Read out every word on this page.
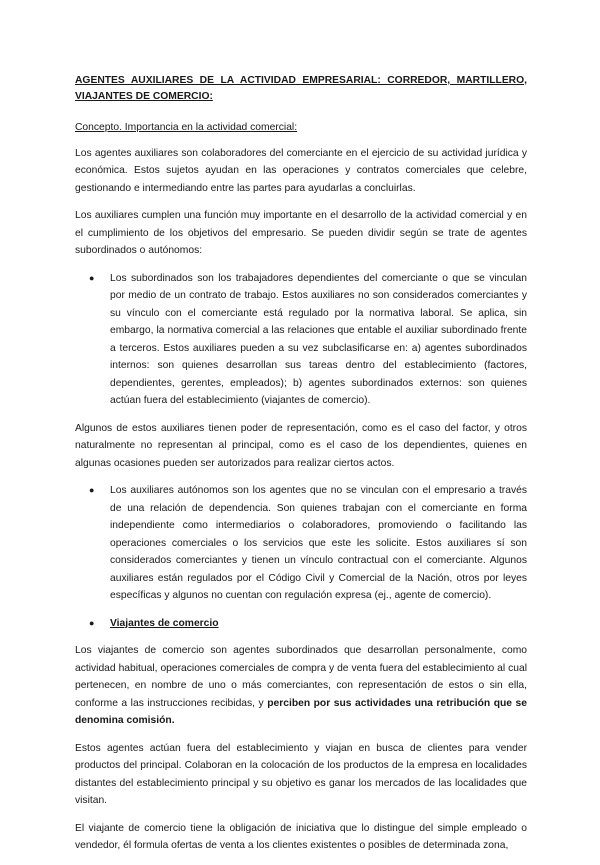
AGENTES AUXILIARES DE LA ACTIVIDAD EMPRESARIAL: CORREDOR, MARTILLERO, VIAJANTES DE COMERCIO:
Concepto. Importancia en la actividad comercial:

Los agentes auxiliares son colaboradores del comerciante en el ejercicio de su actividad jurídica y económica. Estos sujetos ayudan en las operaciones y contratos comerciales que celebre, gestionando e intermediando entre las partes para ayudarlas a concluirlas.

Los auxiliares cumplen una función muy importante en el desarrollo de la actividad comercial y en el cumplimiento de los objetivos del empresario. Se pueden dividir según se trate de agentes subordinados o autónomos:

● Los subordinados son los trabajadores dependientes del comerciante o que se vinculan por medio de un contrato de trabajo. Estos auxiliares no son considerados comerciantes y su vínculo con el comerciante está regulado por la normativa laboral. Se aplica, sin embargo, la normativa comercial a las relaciones que entable el auxiliar subordinado frente a terceros. Estos auxiliares pueden a su vez subclasificarse en: a) agentes subordinados internos: son quienes desarrollan sus tareas dentro del establecimiento (factores, dependientes, gerentes, empleados); b) agentes subordinados externos: son quienes actúan fuera del establecimiento (viajantes de comercio).

Algunos de estos auxiliares tienen poder de representación, como es el caso del factor, y otros naturalmente no representan al principal, como es el caso de los dependientes, quienes en algunas ocasiones pueden ser autorizados para realizar ciertos actos.

● Los auxiliares autónomos son los agentes que no se vinculan con el empresario a través de una relación de dependencia. Son quienes trabajan con el comerciante en forma independiente como intermediarios o colaboradores, promoviendo o facilitando las operaciones comerciales o los servicios que este les solicite. Estos auxiliares sí son considerados comerciantes y tienen un vínculo contractual con el comerciante. Algunos auxiliares están regulados por el Código Civil y Comercial de la Nación, otros por leyes específicas y algunos no cuentan con regulación expresa (ej., agente de comercio).
● Viajantes de comercio

Los viajantes de comercio son agentes subordinados que desarrollan personalmente, como actividad habitual, operaciones comerciales de compra y de venta fuera del establecimiento al cual pertenecen, en nombre de uno o más comerciantes, con representación de estos o sin ella, conforme a las instrucciones recibidas, y perciben por sus actividades una retribución que se denomina comisión.

Estos agentes actúan fuera del establecimiento y viajan en busca de clientes para vender productos del principal. Colaboran en la colocación de los productos de la empresa en localidades distantes del establecimiento principal y su objetivo es ganar los mercados de las localidades que visitan.

El viajante de comercio tiene la obligación de iniciativa que lo distingue del simple empleado o vendedor, él formula ofertas de venta a los clientes existentes o posibles de determinada zona,
